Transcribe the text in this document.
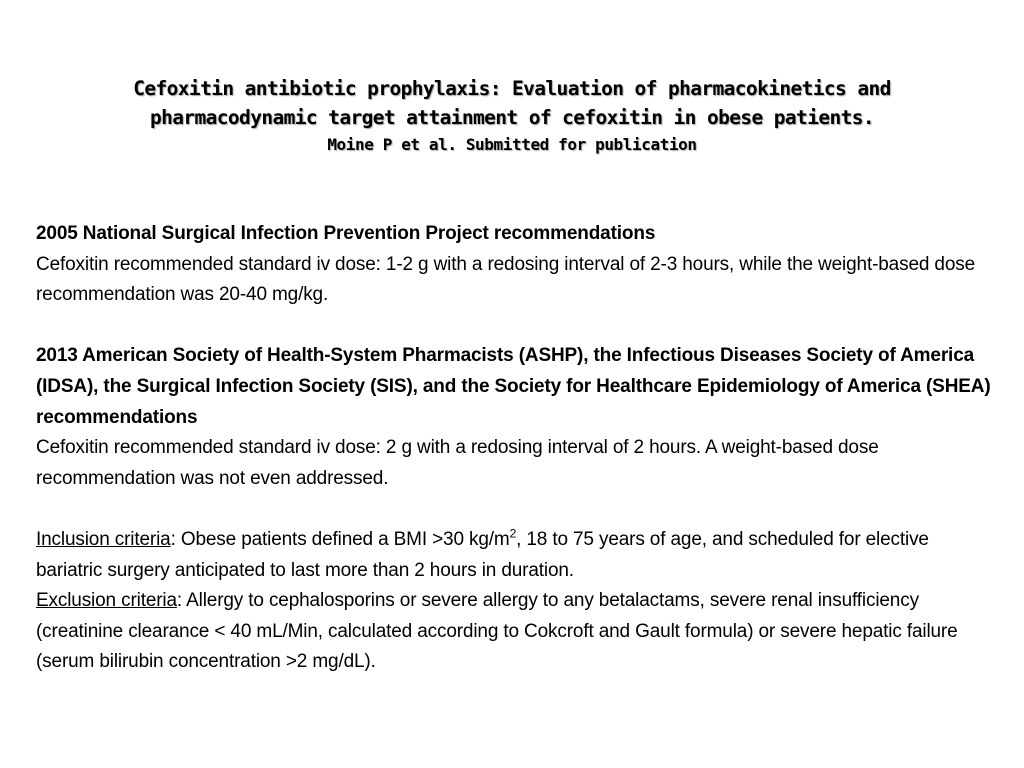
Cefoxitin antibiotic prophylaxis: Evaluation of pharmacokinetics and
pharmacodynamic target attainment of cefoxitin in obese patients.
Moine P et al. Submitted for publication

2005 National Surgical Infection Prevention Project recommendations
Cefoxitin recommended standard iv dose: 1-2 g with a redosing interval of 2-3 hours, while the weight-based dose recommendation was 20-40 mg/kg.

2013 American Society of Health-System Pharmacists (ASHP), the Infectious Diseases Society of America (IDSA), the Surgical Infection Society (SIS), and the Society for Healthcare Epidemiology of America (SHEA) recommendations
Cefoxitin recommended standard iv dose: 2 g with a redosing interval of 2 hours. A weight-based dose recommendation was not even addressed.

Inclusion criteria: Obese patients defined a BMI >30 $kg/m^2$, 18 to 75 years of age, and scheduled for elective bariatric surgery anticipated to last more than 2 hours in duration.

Exclusion criteria: Allergy to cephalosporins or severe allergy to any betalactams, severe renal insufficiency (creatinine clearance < 40 mL/Min, calculated according to Cokcroft and Gault formula) or severe hepatic failure (serum bilirubin concentration >2 mg/dL).
